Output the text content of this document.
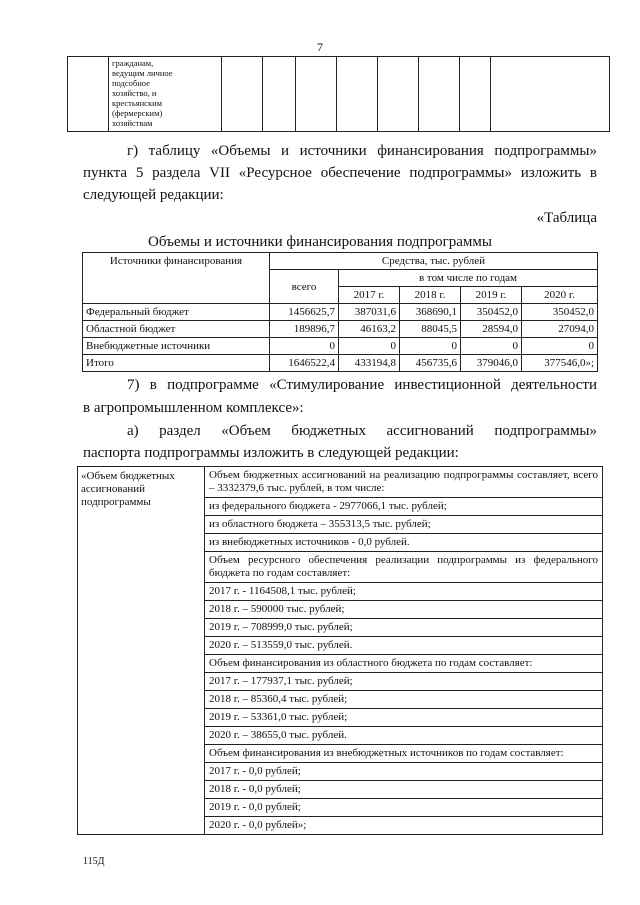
7

гражданам,
ведущим личное
подсобное
хозяйство, и
крестьянским
(фермерским)
хозяйствам

г) таблицу «Объемы и источники финансирования подпрограммы»
пункта 5 раздела VII «Ресурсное обеспечение подпрограммы» изложить в
следующей редакции:
«Таблица
Объемы и источники финансирования подпрограммы
Источники финансирования	Средства, тыс. рублей				
	всего	в том числе по годам			
		2017 г.	2018 г.	2019 г.	2020 г.
Федеральный бюджет	1456625,7	387031,6	368690,1	350452,0	350452,0
Областной бюджет	189896,7	46163,2	88045,5	28594,0	27094,0
Внебюджетные источники	0	0	0	0	0
Итого	1646522,4	433194,8	456735,6	379046,0	377546,0»;
7) в подпрограмме «Стимулирование инвестиционной деятельности
в агропромышленном комплексе»:
а) раздел «Объем бюджетных ассигнований подпрограммы»
паспорта подпрограммы изложить в следующей редакции:
«Объем бюджетных ассигнований подпрограммы	
Объем бюджетных ассигнований на реализацию подпрограммы составляет, всего – 3332379,6 тыс. рублей, в том числе:
из федерального бюджета - 2977066,1 тыс. рублей;
из областного бюджета – 355313,5 тыс. рублей;
из внебюджетных источников - 0,0 рублей.
Объем ресурсного обеспечения реализации подпрограммы из федерального бюджета по годам составляет:
2017 г. - 1164508,1 тыс. рублей;
2018 г. – 590000 тыс. рублей;
2019 г. – 708999,0 тыс. рублей;
2020 г. – 513559,0 тыс. рублей.
Объем финансирования из областного бюджета по годам составляет:
2017 г. – 177937,1 тыс. рублей;
2018 г. – 85360,4 тыс. рублей;
2019 г. – 53361,0 тыс. рублей;
2020 г. – 38655,0 тыс. рублей.
Объем финансирования из внебюджетных источников по годам составляет:
2017 г. - 0,0 рублей;
2018 г. - 0,0 рублей;
2019 г. - 0,0 рублей;
2020 г. - 0,0 рублей»;
115Д
